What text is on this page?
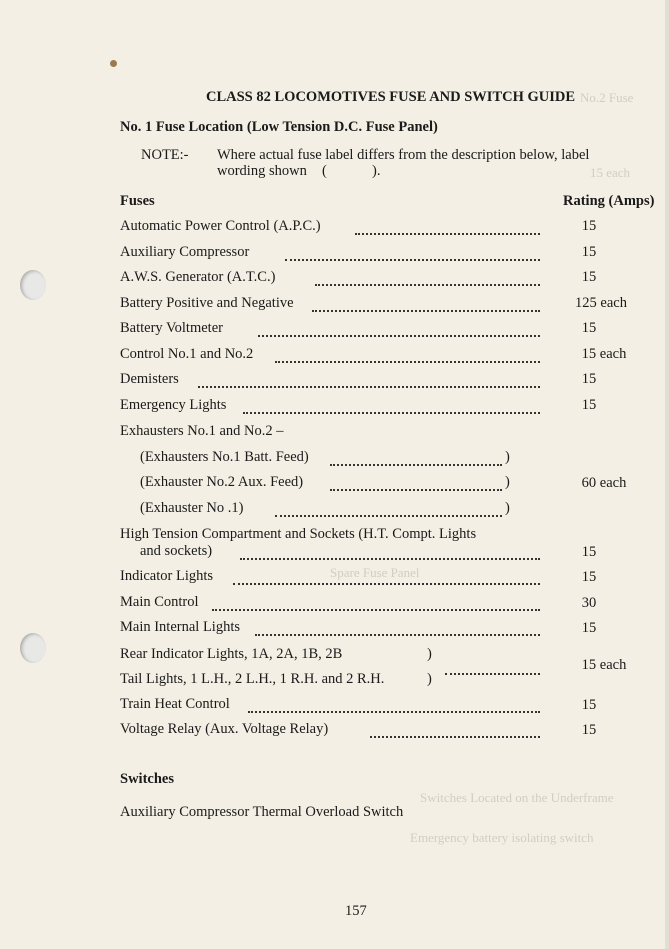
No.2 Fuse
15 each
Spare Fuse Panel
Switches Located on the Underframe
Emergency battery isolating switch
CLASS 82 LOCOMOTIVES FUSE AND SWITCH GUIDE
No. 1 Fuse Location (Low Tension D.C. Fuse Panel)
NOTE:- Where actual fuse label differs from the description below, label
wording shown (	).
Fuses	Rating (Amps)
Automatic Power Control (A.P.C.)	15
Auxiliary Compressor	15
A.W.S. Generator (A.T.C.)	15
Battery Positive and Negative	125 each
Battery Voltmeter	15
Control No.1 and No.2	15 each
Demisters	15
Emergency Lights	15
Exhausters No.1 and No.2 –
(Exhausters No.1 Batt. Feed)	)
(Exhauster No.2 Aux. Feed)	)	60 each
(Exhauster No .1)	)
High Tension Compartment and Sockets (H.T. Compt. Lights
and sockets)	15
Indicator Lights	15
Main Control	30
Main Internal Lights	15
Rear Indicator Lights, 1A, 2A, 1B, 2B	)
Tail Lights, 1 L.H., 2 L.H., 1 R.H. and 2 R.H.	)
15 each
Train Heat Control	15
Voltage Relay (Aux. Voltage Relay)	15
Switches
Auxiliary Compressor Thermal Overload Switch
157
